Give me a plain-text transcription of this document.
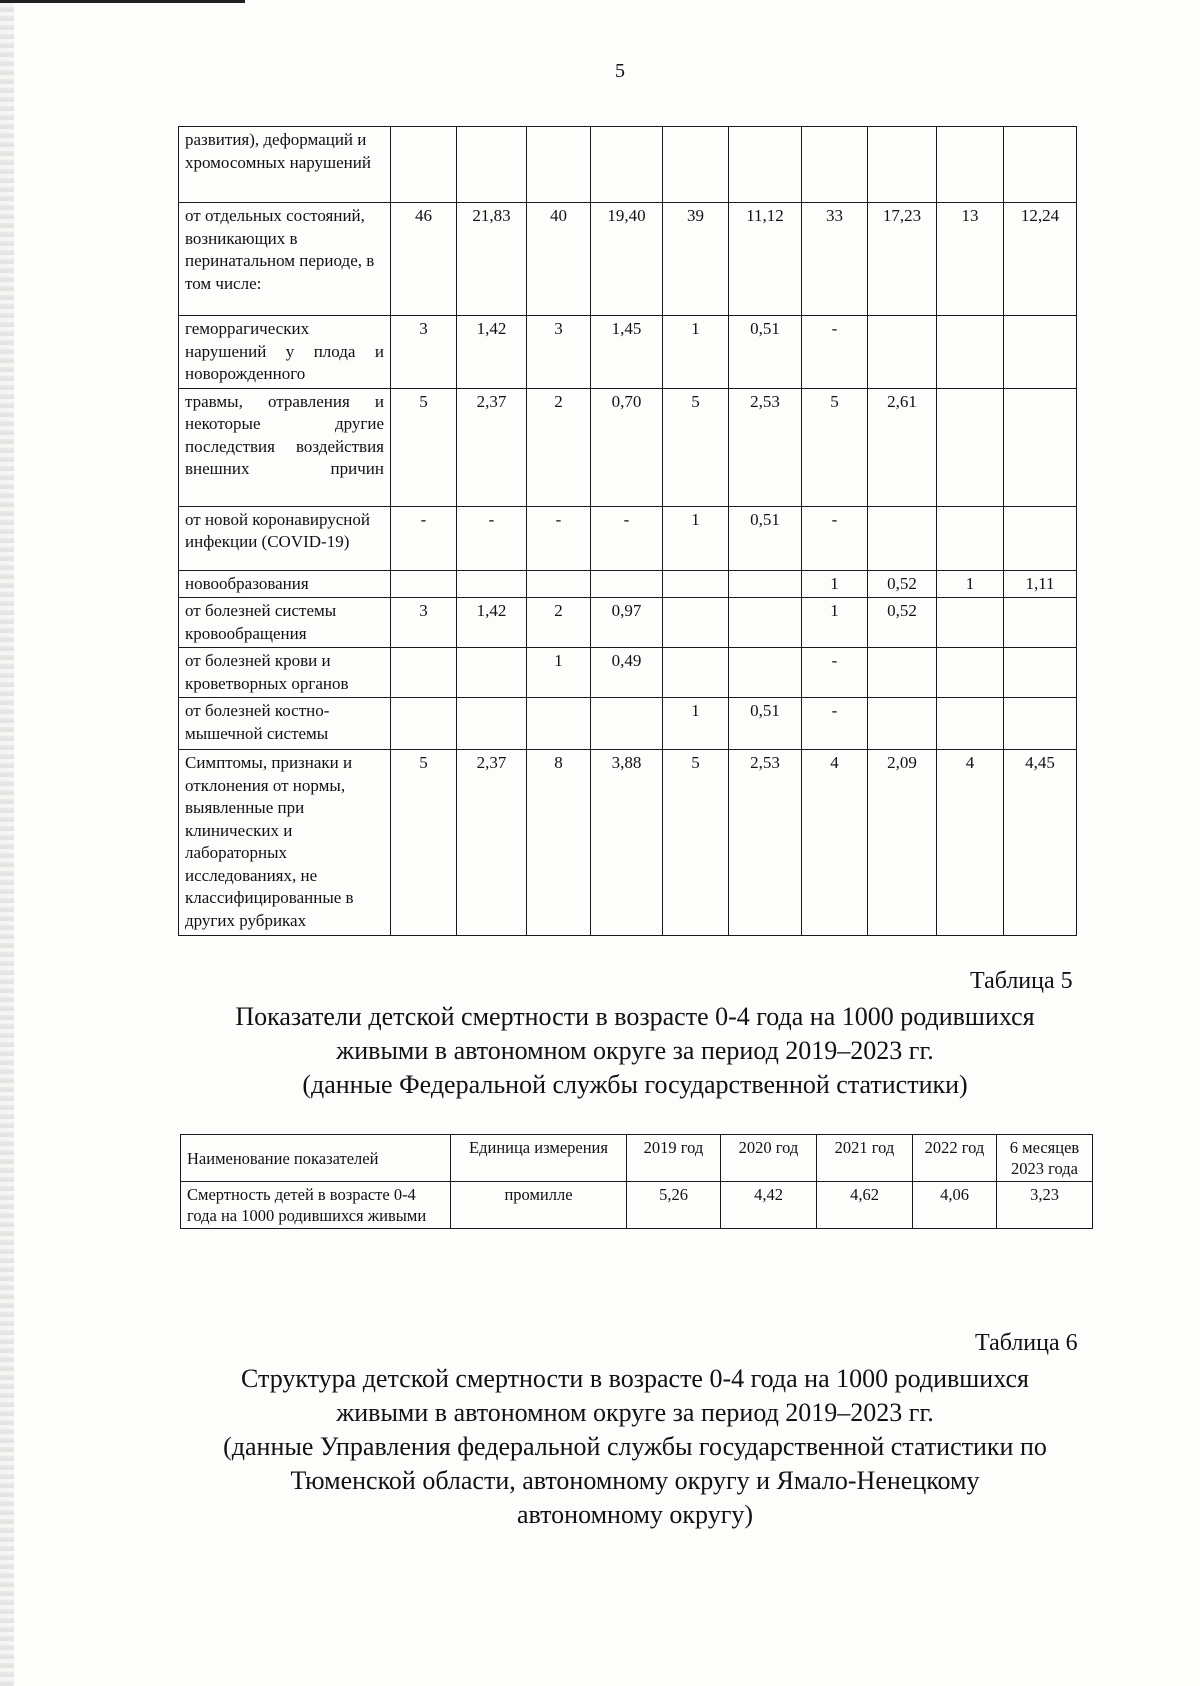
5
развития), деформаций и хромосомных нарушений										
от отдельных состояний, возникающих в перинатальном периоде, в том числе:	46	21,83	40	19,40	39	11,12	33	17,23	13	12,24
геморрагических нарушений у плода и новорожденного	3	1,42	3	1,45	1	0,51	-			
травмы, отравления и некоторые другие последствия воздействия внешних причин	5	2,37	2	0,70	5	2,53	5	2,61		
от новой коронавирусной инфекции (COVID-19)	-	-	-	-	1	0,51	-			
новообразования							1	0,52	1	1,11
от болезней системы кровообращения	3	1,42	2	0,97			1	0,52		
от болезней крови и кроветворных органов			1	0,49			-			
от болезней костно-мышечной системы					1	0,51	-			
Симптомы, признаки и отклонения от нормы, выявленные при клинических и лабораторных исследованиях, не классифицированные в других рубриках	5	2,37	8	3,88	5	2,53	4	2,09	4	4,45
Таблица 5
Показатели детской смертности в возрасте 0-4 года на 1000 родившихся
живыми в автономном округе за период 2019–2023 гг.
(данные Федеральной службы государственной статистики)
Наименование показателей	Единица измерения	2019 год	2020 год	2021 год	2022 год	6 месяцев 2023 года
Смертность детей в возрасте 0-4 года на 1000 родившихся живыми	промилле	5,26	4,42	4,62	4,06	3,23
Таблица 6
Структура детской смертности в возрасте 0-4 года на 1000 родившихся
живыми в автономном округе за период 2019–2023 гг.
(данные Управления федеральной службы государственной статистики по
Тюменской области, автономному округу и Ямало-Ненецкому
автономному округу)
